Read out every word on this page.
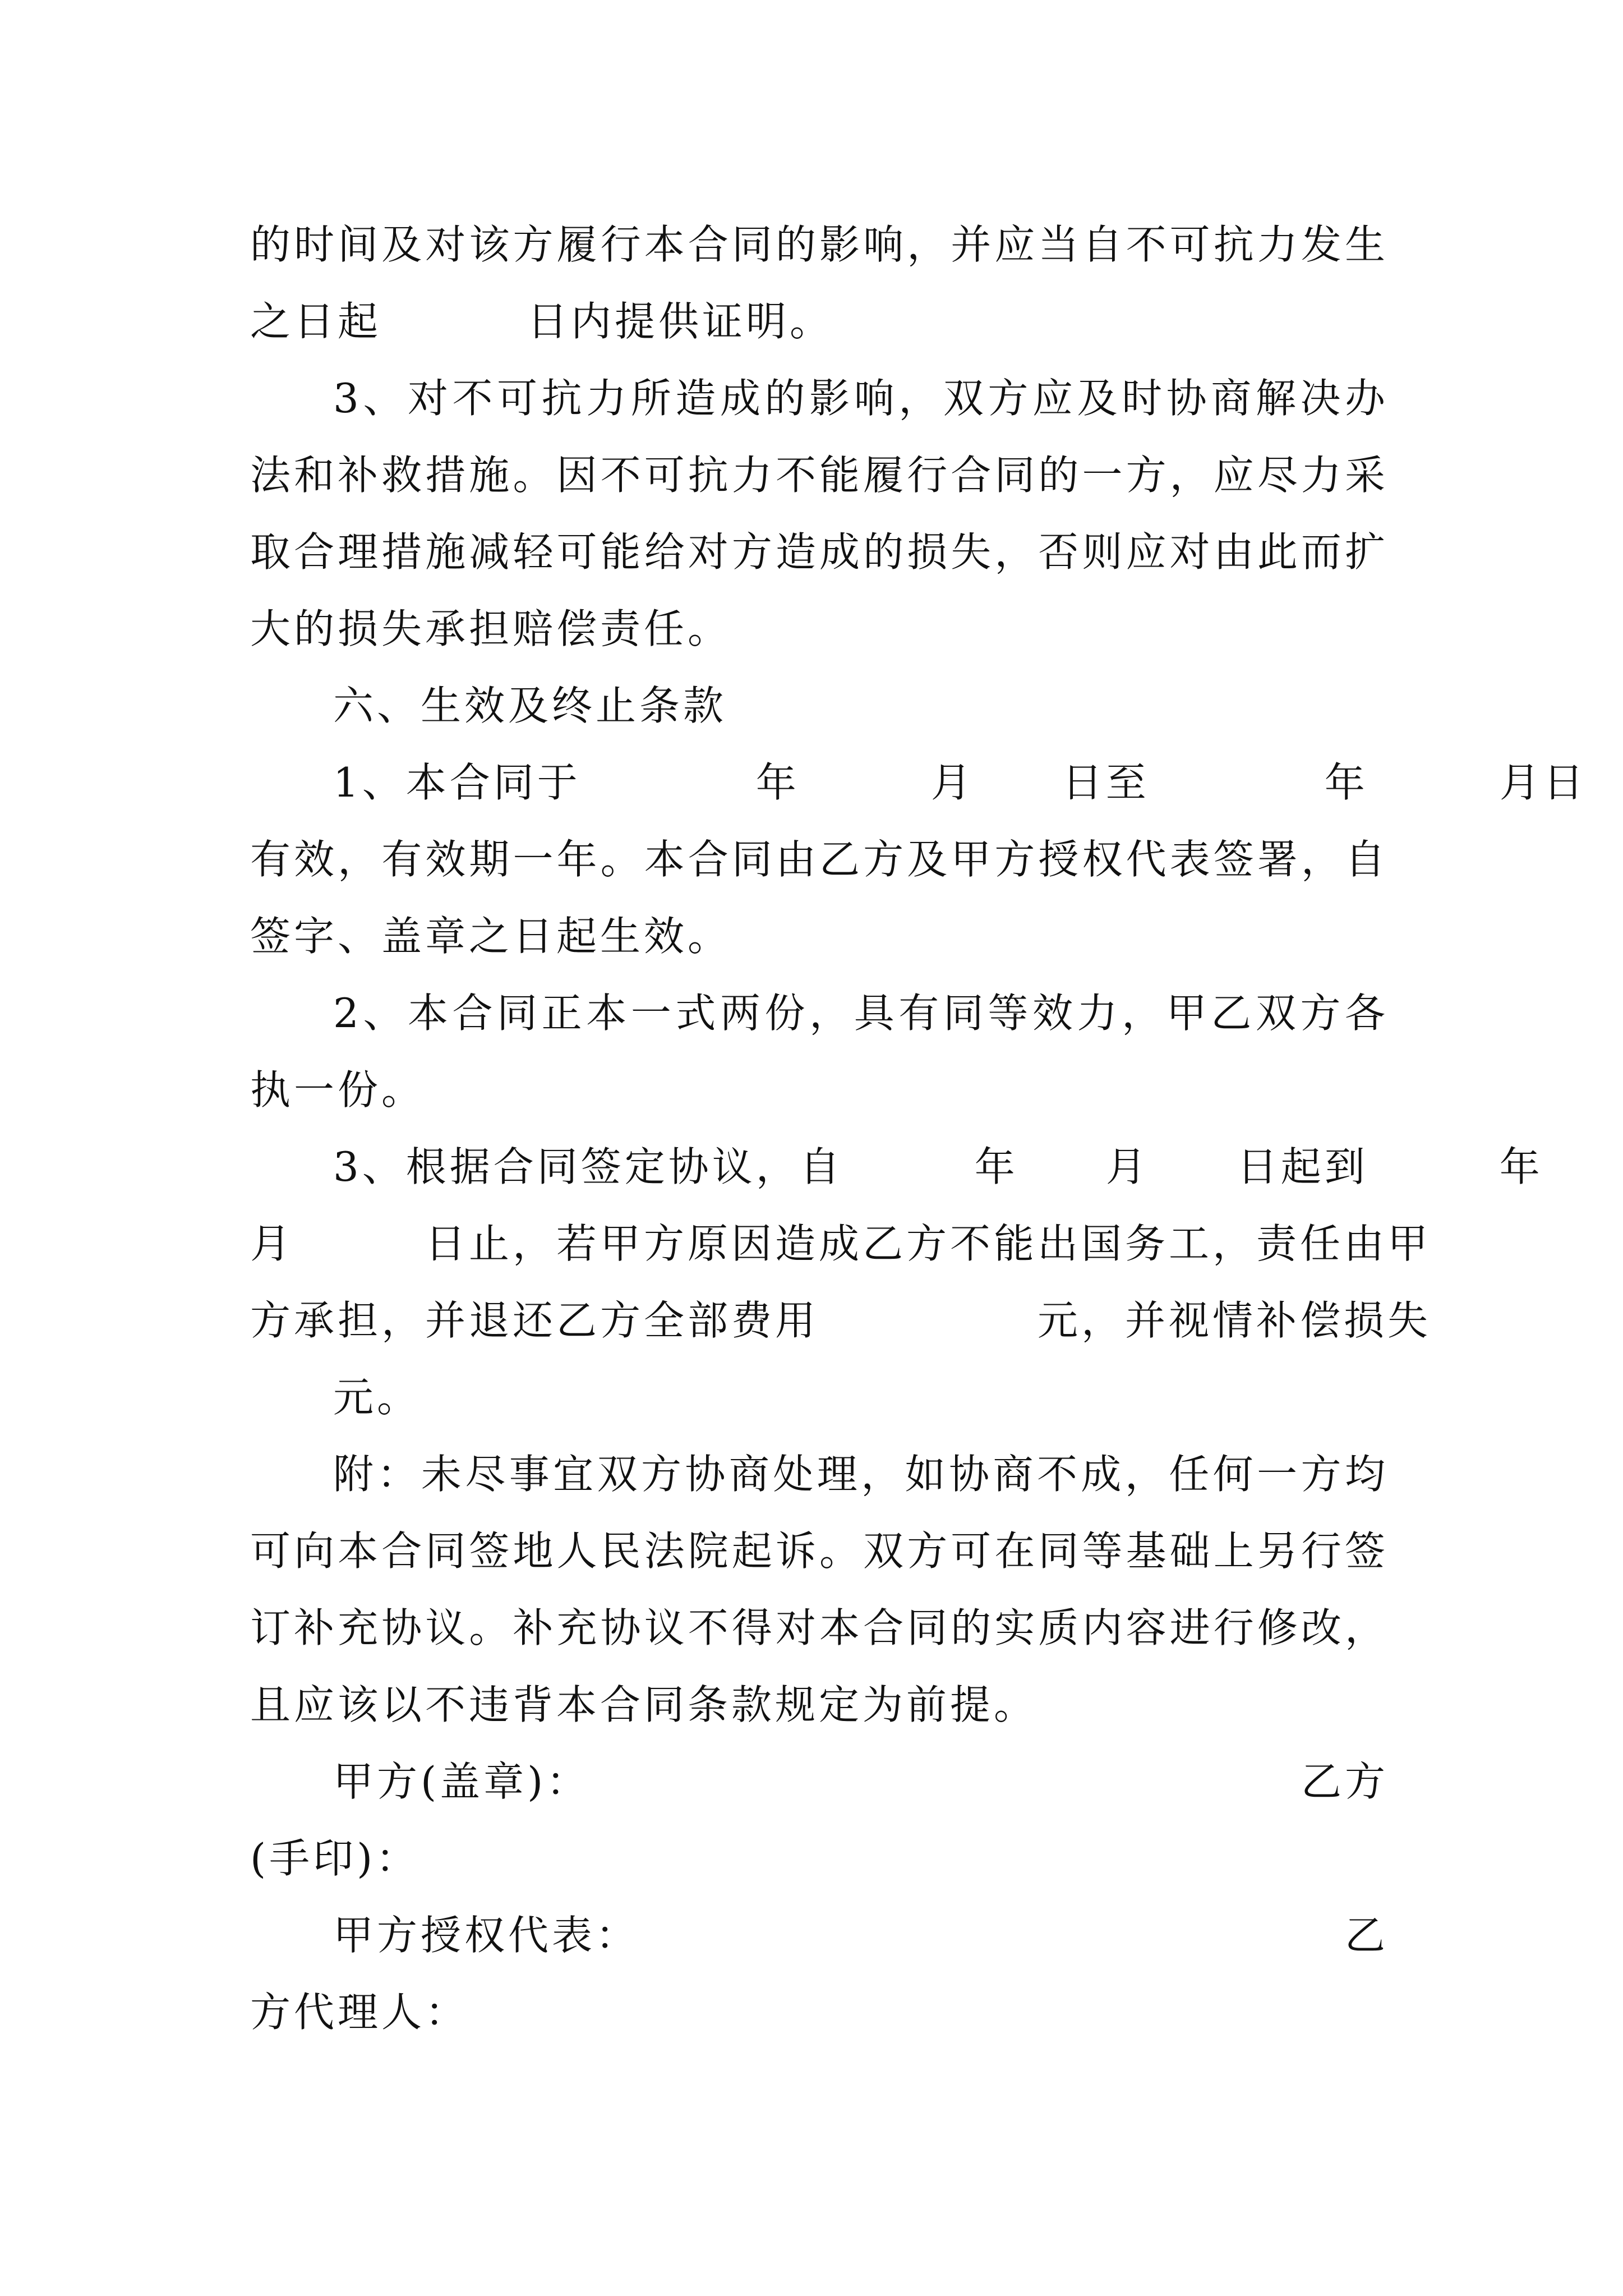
的时间及对该方履行本合同的影响，并应当自不可抗力发生
之日起	日内提供证明。
3、对不可抗力所造成的影响，双方应及时协商解决办
法和补救措施。因不可抗力不能履行合同的一方，应尽力采
取合理措施减轻可能给对方造成的损失，否则应对由此而扩
大的损失承担赔偿责任。
六、生效及终止条款
1、本合同于　　　　年　　　月　　日至　　　　年　　　月日
有效，有效期一年。本合同由乙方及甲方授权代表签署，自
签字、盖章之日起生效。
2、本合同正本一式两份，具有同等效力，甲乙双方各
执一份。
3、根据合同签定协议，自　　　年　　月　　日起到　　　年
月　　　日止，若甲方原因造成乙方不能出国务工，责任由甲
方承担，并退还乙方全部费用　　　　　元，并视情补偿损失
元。
附：未尽事宜双方协商处理，如协商不成，任何一方均
可向本合同签地人民法院起诉。双方可在同等基础上另行签
订补充协议。补充协议不得对本合同的实质内容进行修改，
且应该以不违背本合同条款规定为前提。
甲方(盖章)：	乙方
(手印)：
甲方授权代表：	乙
方代理人：
